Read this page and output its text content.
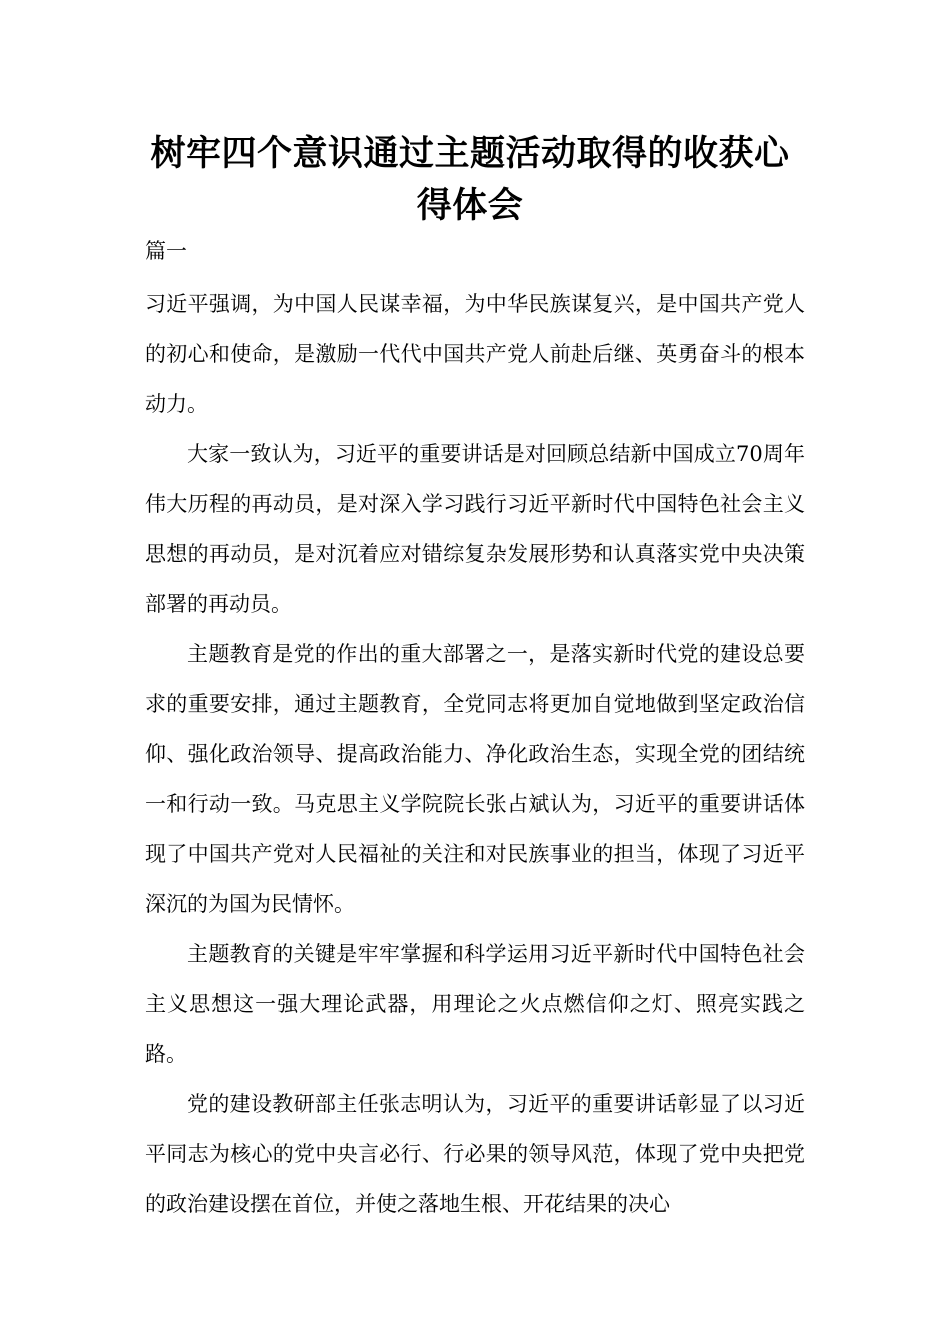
树牢四个意识通过主题活动取得的收获心得体会

篇一

习近平强调，为中国人民谋幸福，为中华民族谋复兴，是中国共产党人的初心和使命，是激励一代代中国共产党人前赴后继、英勇奋斗的根本动力。

大家一致认为，习近平的重要讲话是对回顾总结新中国成立70周年伟大历程的再动员，是对深入学习践行习近平新时代中国特色社会主义思想的再动员，是对沉着应对错综复杂发展形势和认真落实党中央决策部署的再动员。

主题教育是党的作出的重大部署之一，是落实新时代党的建设总要求的重要安排，通过主题教育，全党同志将更加自觉地做到坚定政治信仰、强化政治领导、提高政治能力、净化政治生态，实现全党的团结统一和行动一致。马克思主义学院院长张占斌认为，习近平的重要讲话体现了中国共产党对人民福祉的关注和对民族事业的担当，体现了习近平深沉的为国为民情怀。

主题教育的关键是牢牢掌握和科学运用习近平新时代中国特色社会主义思想这一强大理论武器，用理论之火点燃信仰之灯、照亮实践之路。

党的建设教研部主任张志明认为，习近平的重要讲话彰显了以习近平同志为核心的党中央言必行、行必果的领导风范，体现了党中央把党的政治建设摆在首位，并使之落地生根、开花结果的决心
